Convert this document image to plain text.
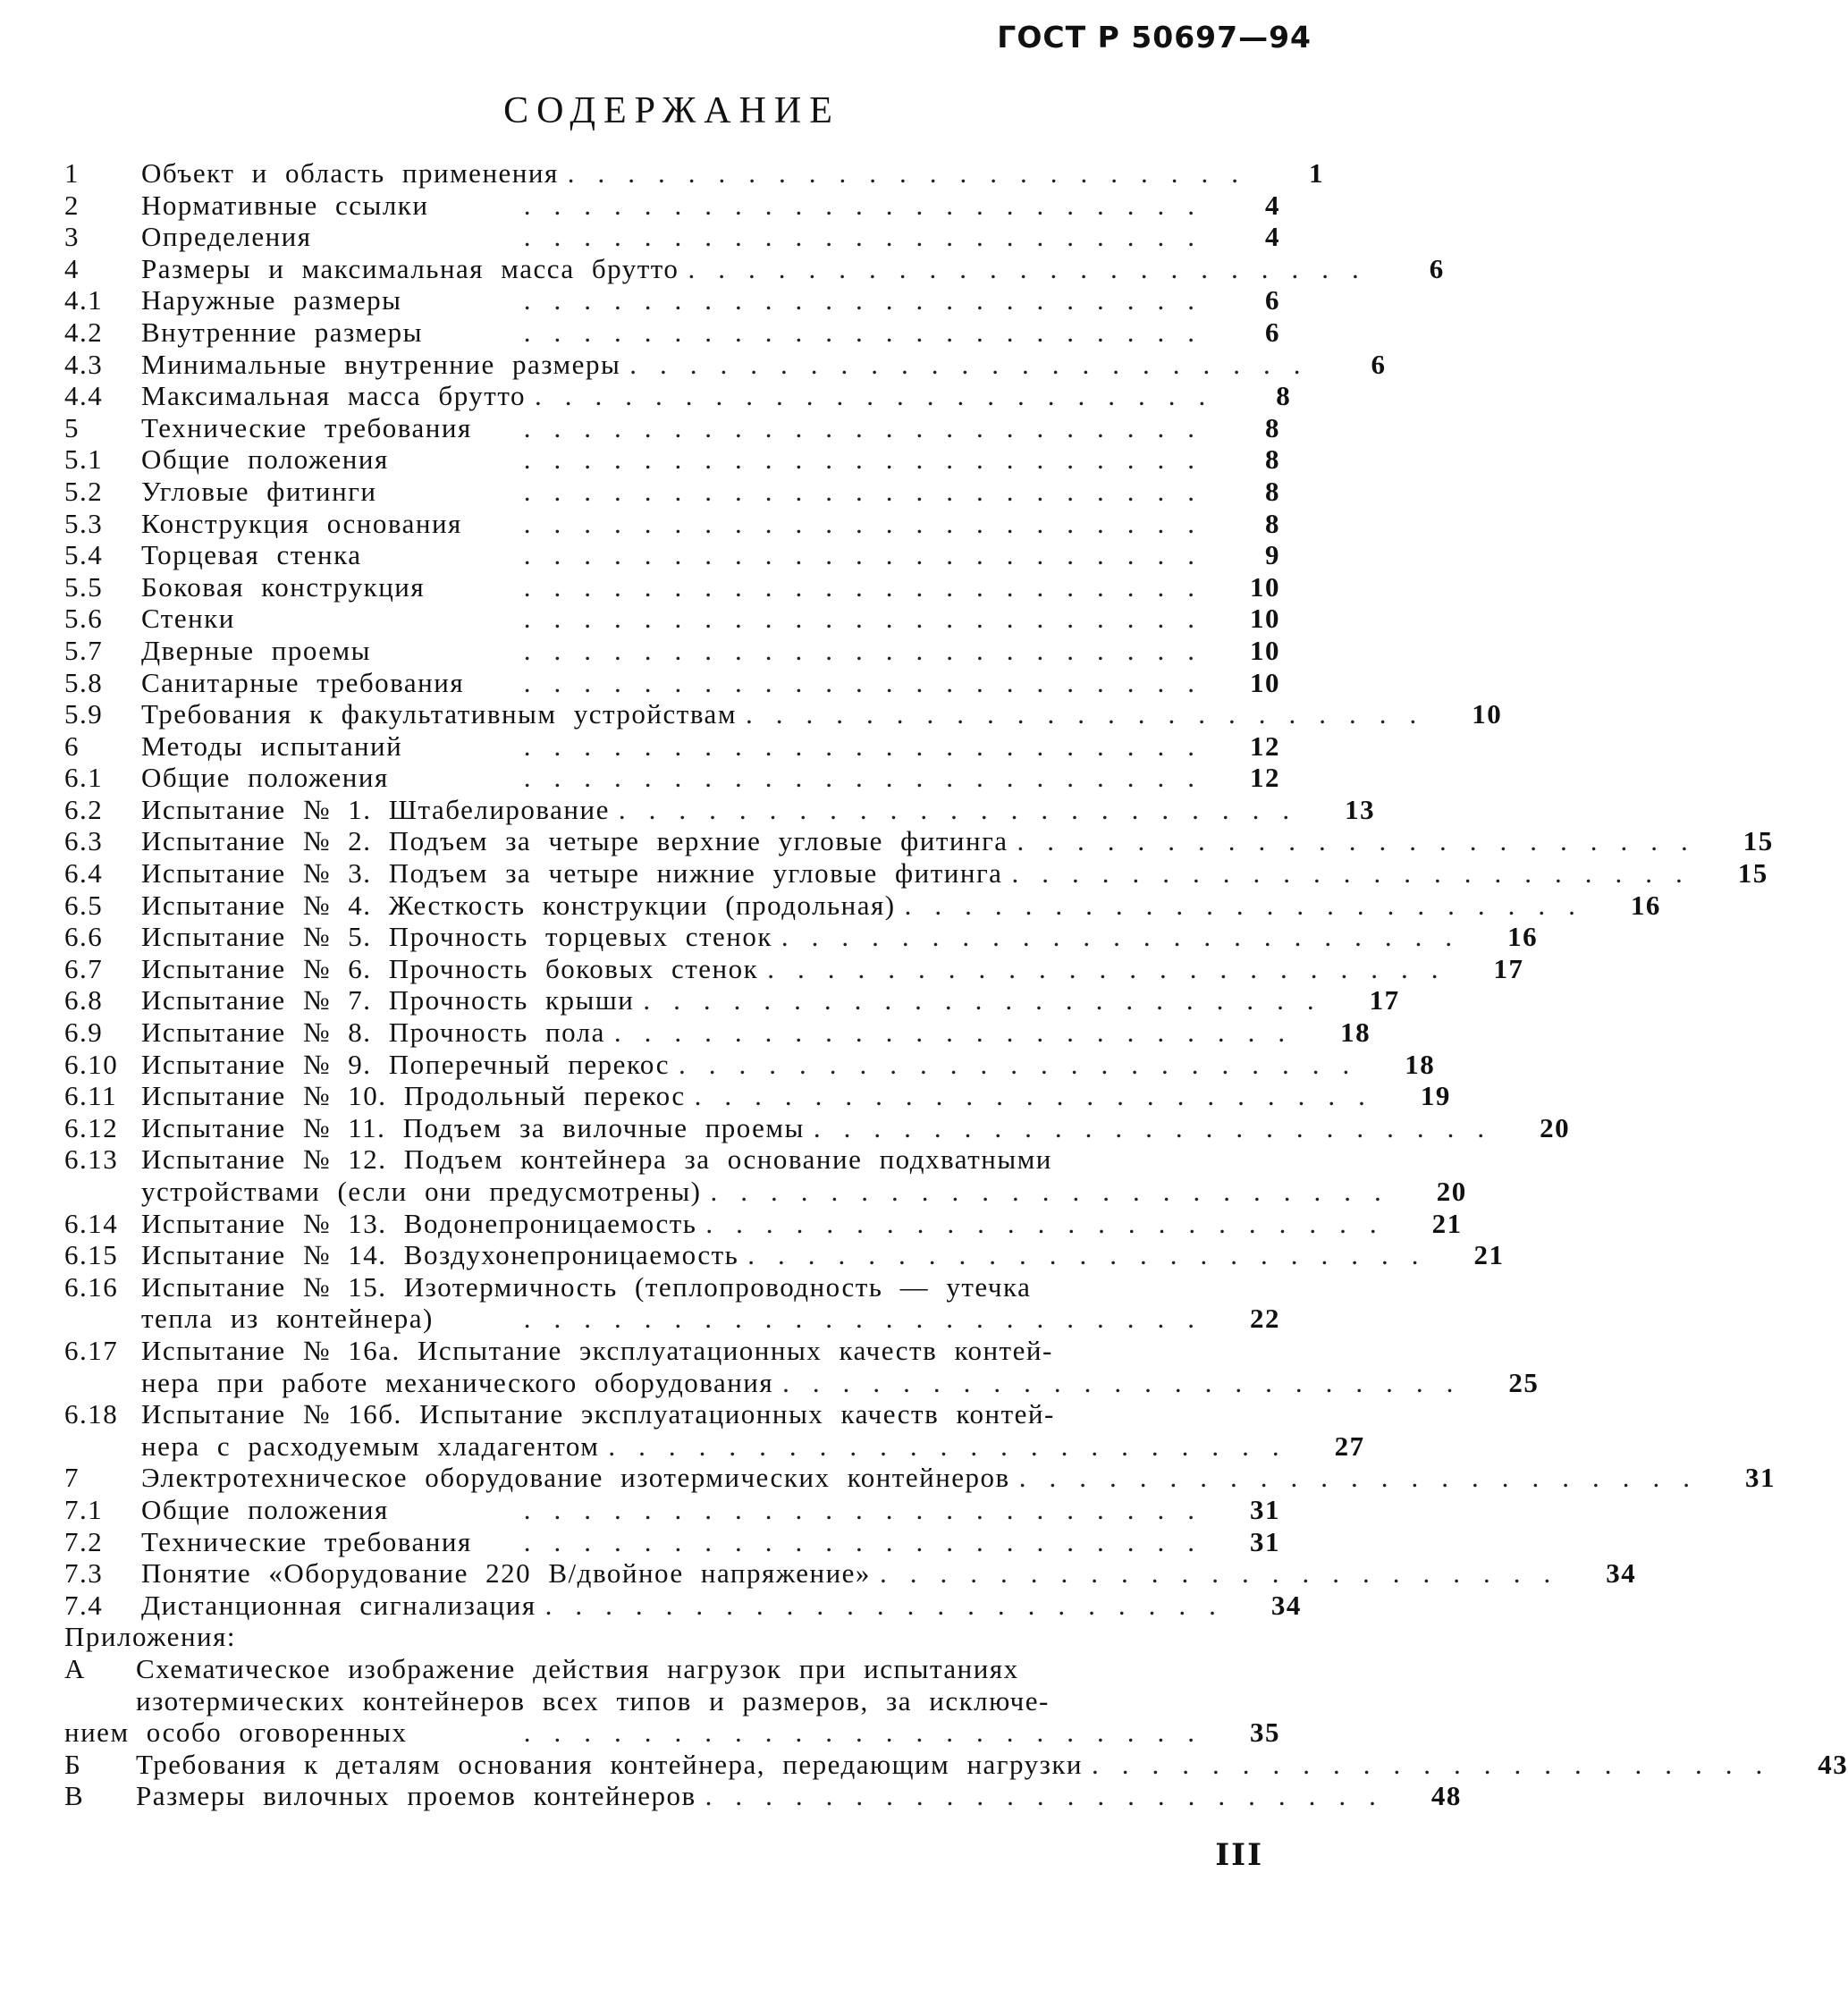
ГОСТ Р 50697—94
СОДЕРЖАНИЕ
1	Объект и область применения .......................	1
2	Нормативные ссылки	.......................	4
3	Определения	.......................	4
4	Размеры и максимальная масса брутто .......................	6
4.1	Наружные размеры	.......................	6
4.2	Внутренние размеры	.......................	6
4.3	Минимальные внутренние размеры .......................	6
4.4	Максимальная масса брутто .......................	8
5	Технические требования	.......................	8
5.1	Общие положения	.......................	8
5.2	Угловые фитинги	.......................	8
5.3	Конструкция основания	.......................	8
5.4	Торцевая стенка	.......................	9
5.5	Боковая конструкция	.......................	10
5.6	Стенки	.......................	10
5.7	Дверные проемы	.......................	10
5.8	Санитарные требования	.......................	10
5.9	Требования к факультативным устройствам .......................	10
6	Методы испытаний	.......................	12
6.1	Общие положения	.......................	12
6.2	Испытание № 1. Штабелирование .......................	13
6.3	Испытание № 2. Подъем за четыре верхние угловые фитинга .......................	15
6.4	Испытание № 3. Подъем за четыре нижние угловые фитинга .......................	15
6.5	Испытание № 4. Жесткость конструкции (продольная) .......................	16
6.6	Испытание № 5. Прочность торцевых стенок .......................	16
6.7	Испытание № 6. Прочность боковых стенок .......................	17
6.8	Испытание № 7. Прочность крыши .......................	17
6.9	Испытание № 8. Прочность пола .......................	18
6.10 Испытание № 9. Поперечный перекос .......................	18
6.11 Испытание № 10. Продольный перекос .......................	19
6.12 Испытание № 11. Подъем за вилочные проемы .......................	20
6.13 Испытание № 12. Подъем контейнера за основание подхватными
устройствами (если они предусмотрены) .......................	20
6.14 Испытание № 13. Водонепроницаемость .......................	21
6.15 Испытание № 14. Воздухонепроницаемость .......................	21
6.16 Испытание № 15. Изотермичность (теплопроводность — утечка
тепла из контейнера)	.......................	22
6.17 Испытание № 16а. Испытание эксплуатационных качеств контей-
нера при работе механического оборудования .......................	25
6.18 Испытание № 16б. Испытание эксплуатационных качеств контей-
нера с расходуемым хладагентом .......................	27
7	Электротехническое оборудование изотермических контейнеров .......................	31
7.1	Общие положения	.......................	31
7.2	Технические требования	.......................	31
7.3	Понятие «Оборудование 220 В/двойное напряжение» .......................	34
7.4	Дистанционная сигнализация .......................	34
Приложения:
А	Схематическое изображение действия нагрузок при испытаниях
изотермических контейнеров всех типов и размеров, за исключе-
нием особо оговоренных	.......................	35
Б	Требования к деталям основания контейнера, передающим нагрузки .......................	43
В	Размеры вилочных проемов контейнеров .......................	48
III
